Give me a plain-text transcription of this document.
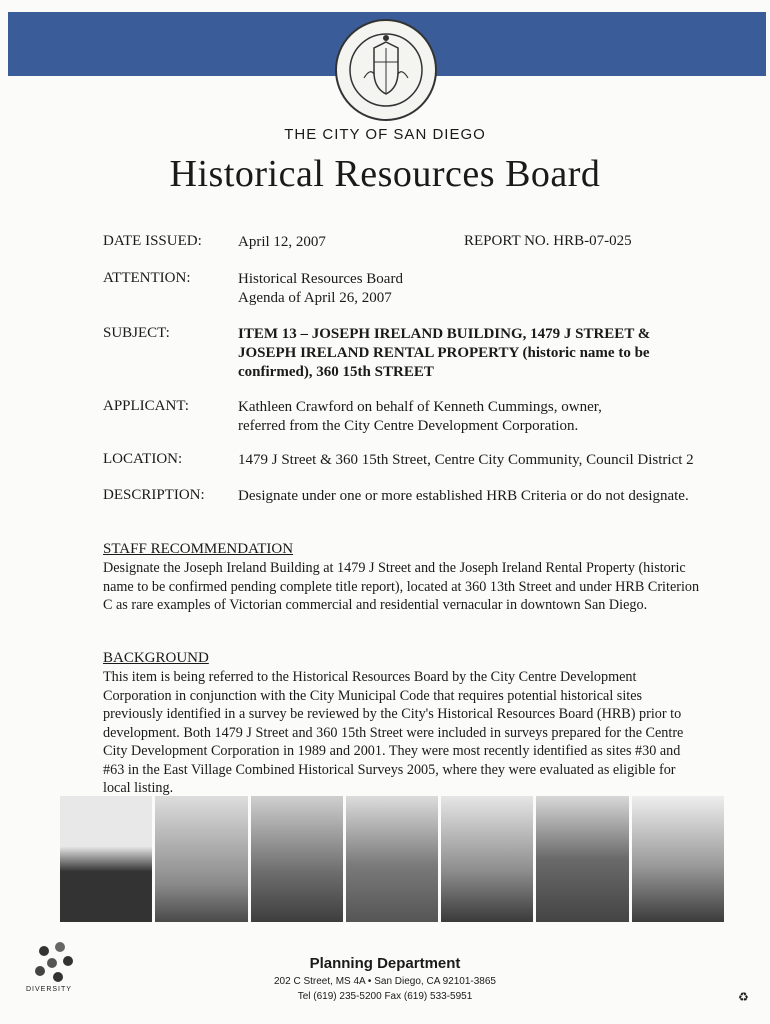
THE CITY OF SAN DIEGO
Historical Resources Board
DATE ISSUED: April 12, 2007	REPORT NO. HRB-07-025
ATTENTION:	Historical Resources Board
Agenda of April 26, 2007
SUBJECT:	ITEM 13 – JOSEPH IRELAND BUILDING, 1479 J STREET &
JOSEPH IRELAND RENTAL PROPERTY (historic name to be
confirmed), 360 15th STREET
APPLICANT:	Kathleen Crawford on behalf of Kenneth Cummings, owner,
referred from the City Centre Development Corporation.
LOCATION:	1479 J Street & 360 15th Street, Centre City Community, Council District 2
DESCRIPTION: Designate under one or more established HRB Criteria or do not designate.
STAFF RECOMMENDATION
Designate the Joseph Ireland Building at 1479 J Street and the Joseph Ireland Rental Property (historic name to be confirmed pending complete title report), located at 360 13th Street and under HRB Criterion C as rare examples of Victorian commercial and residential vernacular in downtown San Diego.
BACKGROUND
This item is being referred to the Historical Resources Board by the City Centre Development Corporation in conjunction with the City Municipal Code that requires potential historical sites previously identified in a survey be reviewed by the City's Historical Resources Board (HRB) prior to development. Both 1479 J Street and 360 15th Street were included in surveys prepared for the Centre City Development Corporation in 1989 and 2001. They were most recently identified as sites #30 and #63 in the East Village Combined Historical Surveys 2005, where they were evaluated as eligible for local listing.
DIVERSITY
Planning Department
202 C Street, MS 4A • San Diego, CA 92101-3865
Tel (619) 235-5200 Fax (619) 533-5951	♻
